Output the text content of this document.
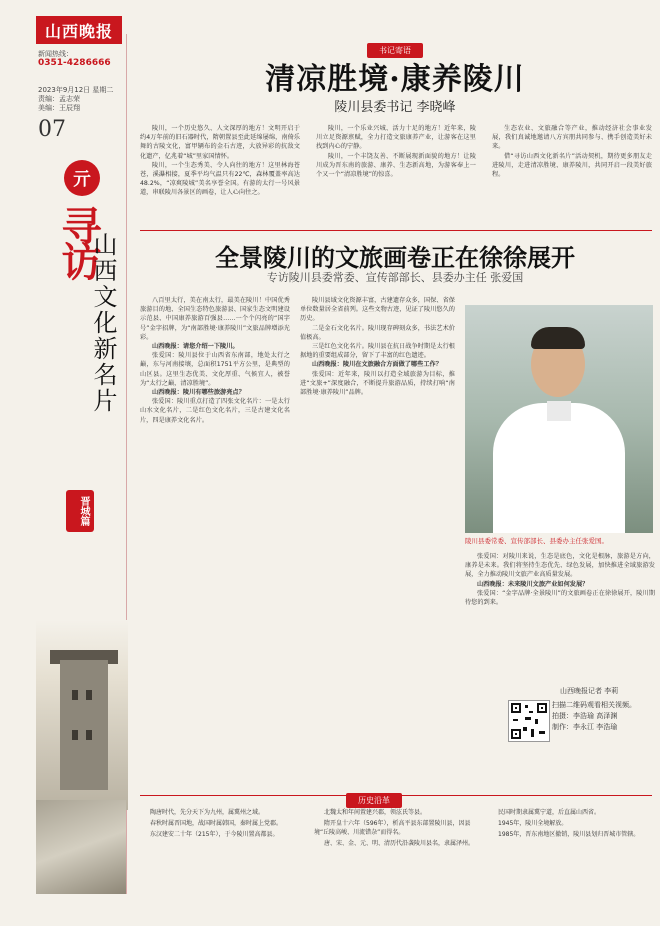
山西晚报
新闻热线：
0351-4286666
2023年9月12日 星期二
责编：孟志荣
美编：王辰翔
07
亓
寻访
山西文化新名片
晋城篇
书记寄语
清凉胜境·康养陵川
陵川县委书记 李晓峰

陵川，一个历史悠久、人文深厚的地方！文明开启于约4万年前的旧石器时代，隋朝置县至此延绵屡绵，南倚乐舞的古陵文化，富甲辆布的金石古迹，大放异彩的抗敌文化遗产，亿兆着“城”里家国情怀。

陵川，一个生态秀美、令人向往的地方！这里林海苍苍，溪瀑相接，夏季平均气温只有22℃，森林覆盖率高达48.2%，“凉爽陵城”美名享誉全国。有游的太行一号风景道，串联陵川各景区的画卷，让人心向往之。

陵川，一个乐业兴城、活力十足的地方！近年来，陵川立足资源禀赋，全力打造文旅康养产业，让游客在这里找到内心的宁静。

陵川，一个丰饶友善、不断展现新面貌的地方！让陵川成为晋东南的旅游、康养、生态新高地，为游客奉上一个又一个“清凉胜境”的惊喜。

生态农业、文旅融合等产业，推动经济社会事业发展，我们真诚地邀请八方宾朋共同参与、携手创造美好未来。

借“寻访山西文化新名片”活动契机，期待更多朋友走进陵川，走进清凉胜境、康养陵川，共同开启一段美好旅程。

全景陵川的文旅画卷正在徐徐展开
专访陵川县委常委、宣传部部长、县委办主任 张爱国

八百里太行，美在南太行，最美在陵川！中国优秀旅游目的地、全国生态特色旅游县、国家生态文明建设示范县、中国康养旅游百强县……一个个闪亮的“国字号”金字招牌，为“南部胜境·康养陵川”文旅品牌增添光彩。

山西晚报：请您介绍一下陵川。

张爱国：陵川县位于山西省东南部，地处太行之巅，东与河南接壤，总面积1751平方公里，是典型的山区县。这里生态优美、文化厚重、气候宜人，被誉为“太行之巅，清凉胜境”。

山西晚报：陵川有哪些旅游亮点？

张爱国：陵川重点打造了四张文化名片：一是太行山水文化名片，二是红色文化名片，三是古建文化名片，四是康养文化名片。

陵川县域文化资源丰富，古建遗存众多，国保、省保单位数量居全省前列。这些文物古迹，见证了陵川悠久的历史。

二是金石文化名片。陵川现存碑刻众多，书法艺术价值极高。

三是红色文化名片。陵川县在抗日战争时期是太行根据地的重要组成部分，留下了丰富的红色遗迹。

山西晚报：陵川在文旅融合方面做了哪些工作？

张爱国：近年来，陵川以打造全域旅游为目标，推进“文旅+”深度融合，不断提升旅游品质，持续打响“南部胜境·康养陵川”品牌。

陵川县委常委、宣传部部长、县委办主任张爱国。

张爱国：对陵川来说，生态是底色，文化是根脉，旅游是方向，康养是未来。我们将坚持生态优先、绿色发展，加快推进全域旅游发展，全力推动陵川文旅产业高质量发展。

山西晚报：未来陵川文旅产业如何发展？

张爱国：“金字品牌·全景陵川”的文旅画卷正在徐徐展开，陵川期待您的到来。

山西晚报记者 李莉
扫描二维码观看相关视频。
拍摄：李浩瑜 高泽渊
制作：李永江 李浩瑜
历史沿革

陶唐时代，先分天下为九州，属冀州之域。

春秋时属晋国地，战国时属韩国，秦时属上党郡。

东汉建安二十年（215年），于今陵川置高都县。

北魏太和年间置建兴郡，领泫氏等县。

隋开皇十六年（596年），析高平县东部置陵川县，因县境“丘陵高峻、川流错杂”而得名。

唐、宋、金、元、明、清历代沿袭陵川县名，隶属泽州。

民国时期隶属冀宁道，后直属山西省。

1945年，陵川全境解放。

1985年，晋东南地区撤销，陵川县划归晋城市管辖。
